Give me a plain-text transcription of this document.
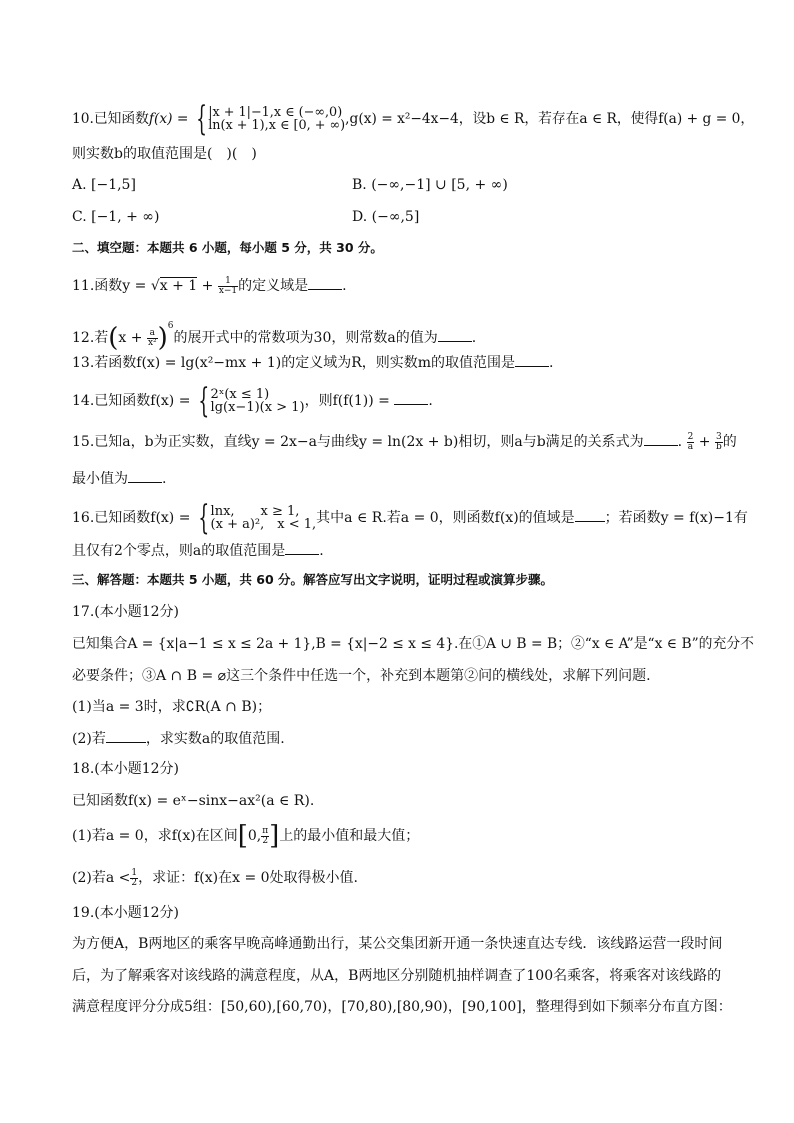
10.已知函数f(x) = { |x + 1|−1,x ∈ (−∞,0)
ln(x + 1),x ∈ [0, + ∞) ,g(x) = x²−4x−4，设b ∈ R，若存在a ∈ R，使得f(a) + g = 0，
则实数b的取值范围是(　)(　)
A. [−1,5]	B. (−∞,−1] ∪ [5, + ∞)
C. [−1, + ∞)	D. (−∞,5]
二、填空题：本题共 6 小题，每小题 5 分，共 30 分。
11.函数$y = √x + 1 + \frac{1}{x-1}$ 的定义域是 .
12.若$(x + \frac{a}{\text{x²}} )^6$的展开式中的常数项为30，则常数a的值为 .
13.若函数f(x) = lg(x²−mx + 1)的定义域为R，则实数m的取值范围是 .
14.已知函数f(x) = { 2ˣ(x ≤ 1)
lg(x−1)(x > 1) ，则f(f(1)) = .
15.已知a，b为正实数，直线y = 2x−a与曲线y = ln(2x + b)相切，则a与b满足的关系式为 . $\frac{2}{a} + \frac{3}{b}$ 的
最小值为 .
16.已知函数f(x) = { lnx,　　x ≥ 1,
(x + a)²,　x < 1, 其中a ∈ R.若a = 0，则函数f(x)的值域是 ；若函数y = f(x)−1有
且仅有2个零点，则a的取值范围是 .
三、解答题：本题共 5 小题，共 60 分。解答应写出文字说明，证明过程或演算步骤。
17.(本小题12分)
已知集合A = {x|a−1 ≤ x ≤ 2a + 1},B = {x|−2 ≤ x ≤ 4}.在①A ∪ B = B；②“x ∈ A”是“x ∈ B”的充分不
必要条件；③A ∩ B = ⌀这三个条件中任选一个，补充到本题第②问的横线处，求解下列问题.
(1)当a = 3时，求∁R(A ∩ B)；
(2)若	，求实数a的取值范围.
18.(本小题12分)
已知函数f(x) = eˣ−sinx−ax²(a ∈ R).
(1)若a = 0，求f(x)在区间[0, $\frac{\pi}{2}$ ]上的最小值和最大值；
(2)若$a < \frac{1}{2}$ ，求证：f(x)在x = 0处取得极小值.
19.(本小题12分)
为方便A，B两地区的乘客早晚高峰通勤出行，某公交集团新开通一条快速直达专线．该线路运营一段时间
后，为了解乘客对该线路的满意程度，从A，B两地区分别随机抽样调查了100名乘客，将乘客对该线路的
满意程度评分分成5组：[50,60),[60,70)，[70,80),[80,90)，[90,100]，整理得到如下频率分布直方图：
